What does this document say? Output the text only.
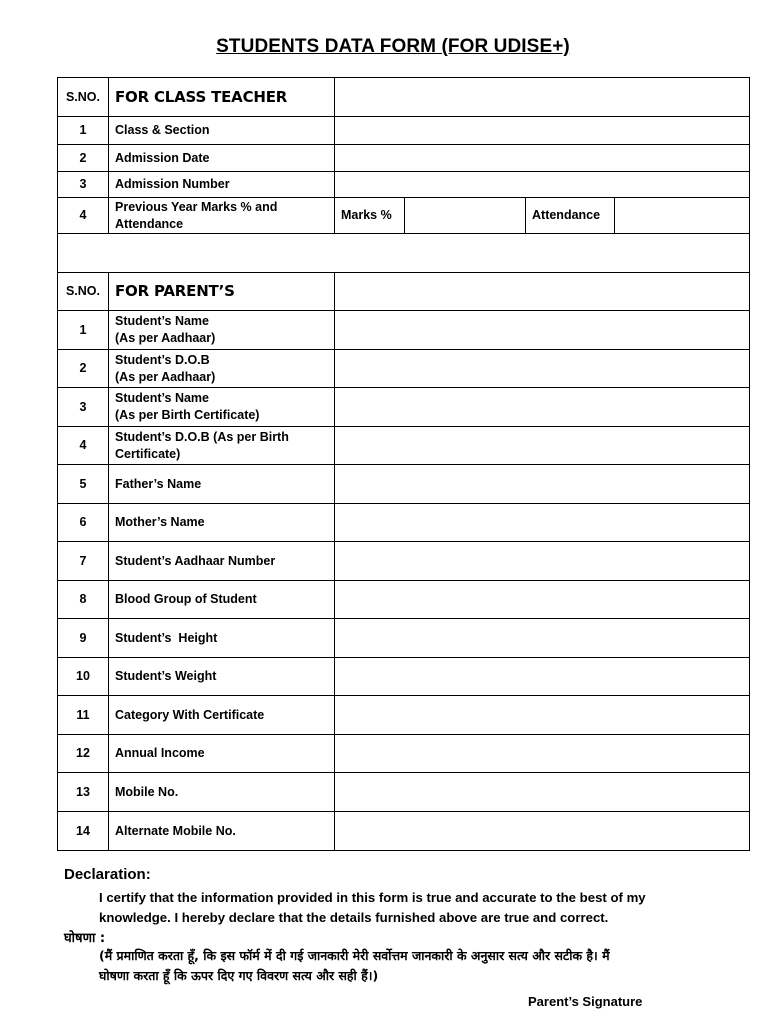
STUDENTS DATA FORM (FOR UDISE+)
S.NO.	FOR CLASS TEACHER				
1	Class & Section				
2	Admission Date				
3	Admission Number				
4	Previous Year Marks % and Attendance	Marks %		Attendance	

S.NO.	FOR PARENT’S				
1	Student’s Name
(As per Aadhaar)				
2	Student’s D.O.B
(As per Aadhaar)				
3	Student’s Name
(As per Birth Certificate)				
4	Student’s D.O.B (As per Birth Certificate)				
5	Father’s Name				
6	Mother’s Name				
7	Student’s Aadhaar Number				
8	Blood Group of Student				
9	Student’s  Height				
10	Student’s Weight				
11	Category With Certificate				
12	Annual Income				
13	Mobile No.				
14	Alternate Mobile No.				
Declaration:
I certify that the information provided in this form is true and accurate to the best of my knowledge. I hereby declare that the details furnished above are true and correct.
घोषणा :
(मैं प्रमाणित करता हूँ, कि इस फॉर्म में दी गई जानकारी मेरी सर्वोत्तम जानकारी के अनुसार सत्य और सटीक है। मैं
घोषणा करता हूँ कि ऊपर दिए गए विवरण सत्य और सही हैं।)
Parent’s Signature
